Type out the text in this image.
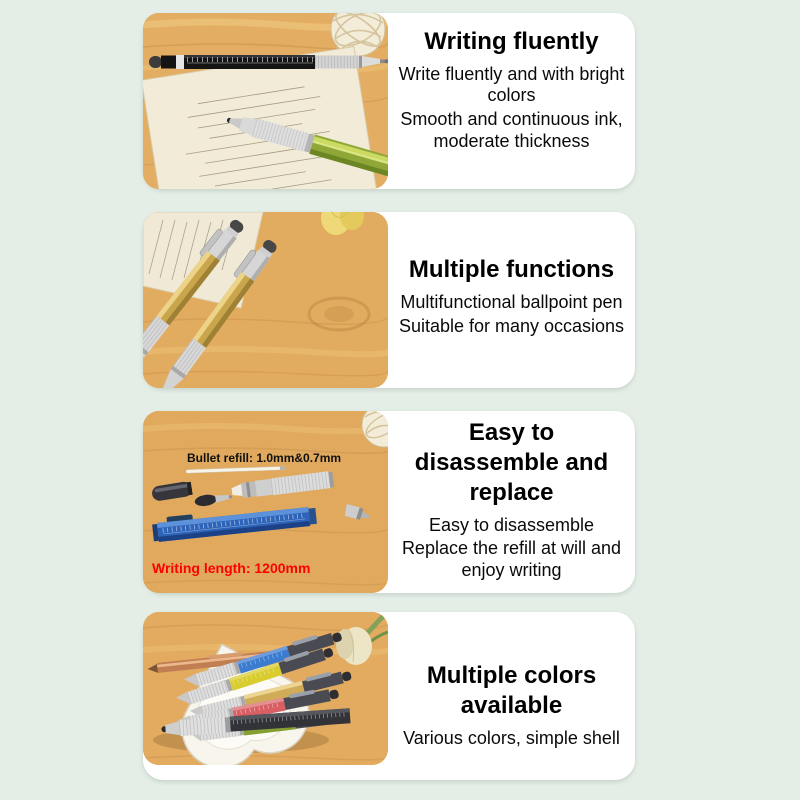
Writing fluently
Write fluently and with bright colors
Smooth and continuous ink, moderate thickness
Multiple functions
Multifunctional ballpoint pen
Suitable for many occasions
Bullet refill: 1.0mm&0.7mm
Writing length: 1200mm
Easy to disassemble and replace
Easy to disassemble
Replace the refill at will and enjoy writing
Multiple colors available
Various colors, simple shell
